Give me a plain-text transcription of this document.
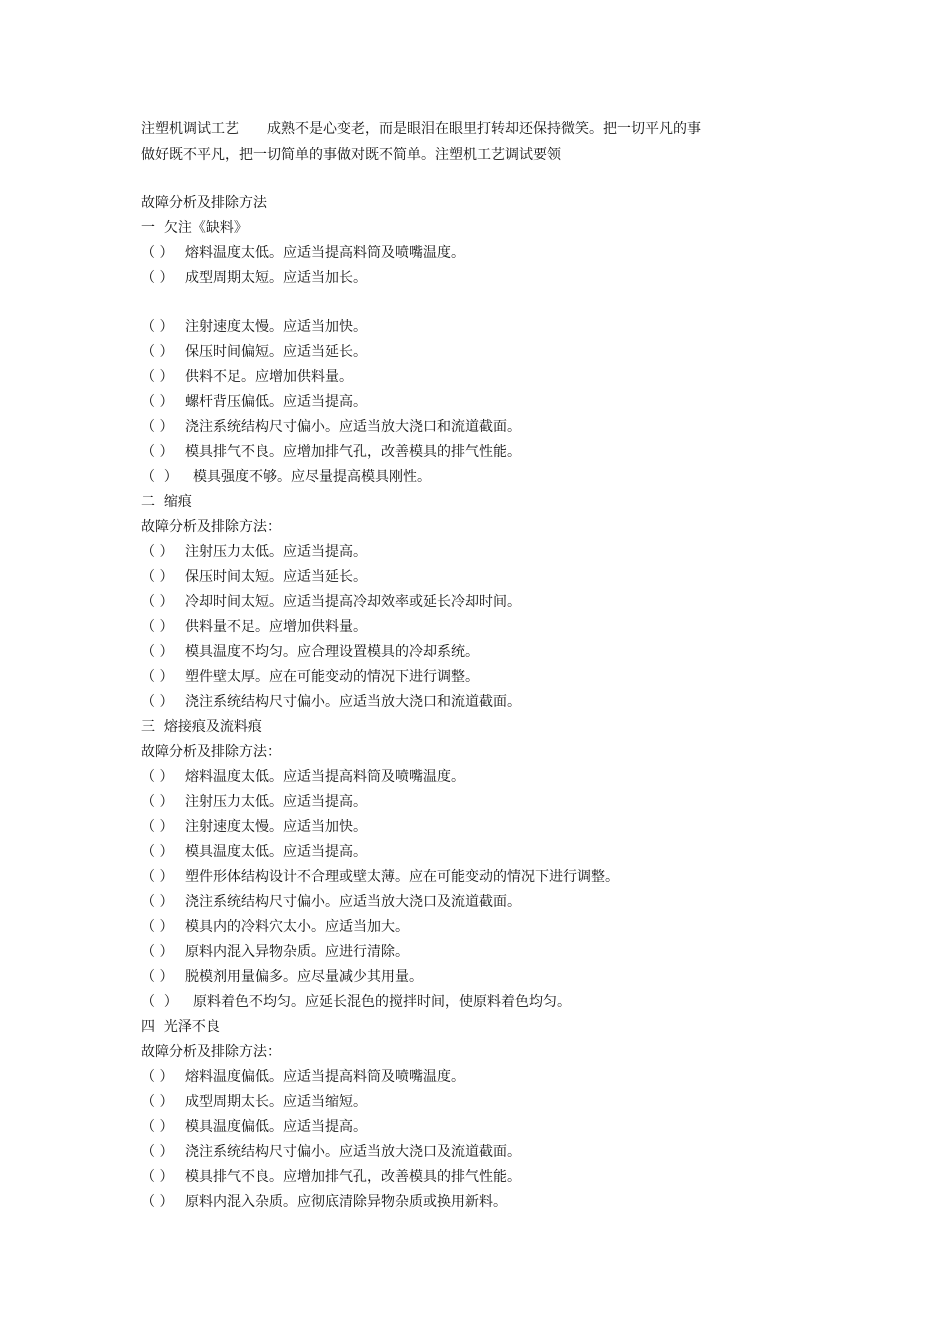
注塑机调试工艺　　成熟不是心变老，而是眼泪在眼里打转却还保持微笑。把一切平凡的事

做好既不平凡，把一切简单的事做对既不简单。注塑机工艺调试要领

故障分析及排除方法

一  欠注《缺料》

（ ） 熔料温度太低。应适当提高料筒及喷嘴温度。
（ ） 成型周期太短。应适当加长。
（ ） 注射速度太慢。应适当加快。
（ ） 保压时间偏短。应适当延长。
（ ） 供料不足。应增加供料量。
（ ） 螺杆背压偏低。应适当提高。
（ ） 浇注系统结构尺寸偏小。应适当放大浇口和流道截面。
（ ） 模具排气不良。应增加排气孔，改善模具的排气性能。
（  ） 模具强度不够。应尽量提高模具刚性。

二  缩痕

故障分析及排除方法：

（ ） 注射压力太低。应适当提高。
（ ） 保压时间太短。应适当延长。
（ ） 冷却时间太短。应适当提高冷却效率或延长冷却时间。
（ ） 供料量不足。应增加供料量。
（ ） 模具温度不均匀。应合理设置模具的冷却系统。
（ ） 塑件壁太厚。应在可能变动的情况下进行调整。
（ ） 浇注系统结构尺寸偏小。应适当放大浇口和流道截面。

三  熔接痕及流料痕

故障分析及排除方法：

（ ） 熔料温度太低。应适当提高料筒及喷嘴温度。
（ ） 注射压力太低。应适当提高。
（ ） 注射速度太慢。应适当加快。
（ ） 模具温度太低。应适当提高。
（ ） 塑件形体结构设计不合理或壁太薄。应在可能变动的情况下进行调整。
（ ） 浇注系统结构尺寸偏小。应适当放大浇口及流道截面。
（ ） 模具内的冷料穴太小。应适当加大。
（ ） 原料内混入异物杂质。应进行清除。
（ ） 脱模剂用量偏多。应尽量减少其用量。
（  ） 原料着色不均匀。应延长混色的搅拌时间，使原料着色均匀。

四  光泽不良

故障分析及排除方法：

（ ） 熔料温度偏低。应适当提高料筒及喷嘴温度。
（ ） 成型周期太长。应适当缩短。
（ ） 模具温度偏低。应适当提高。
（ ） 浇注系统结构尺寸偏小。应适当放大浇口及流道截面。
（ ） 模具排气不良。应增加排气孔，改善模具的排气性能。
（ ） 原料内混入杂质。应彻底清除异物杂质或换用新料。
